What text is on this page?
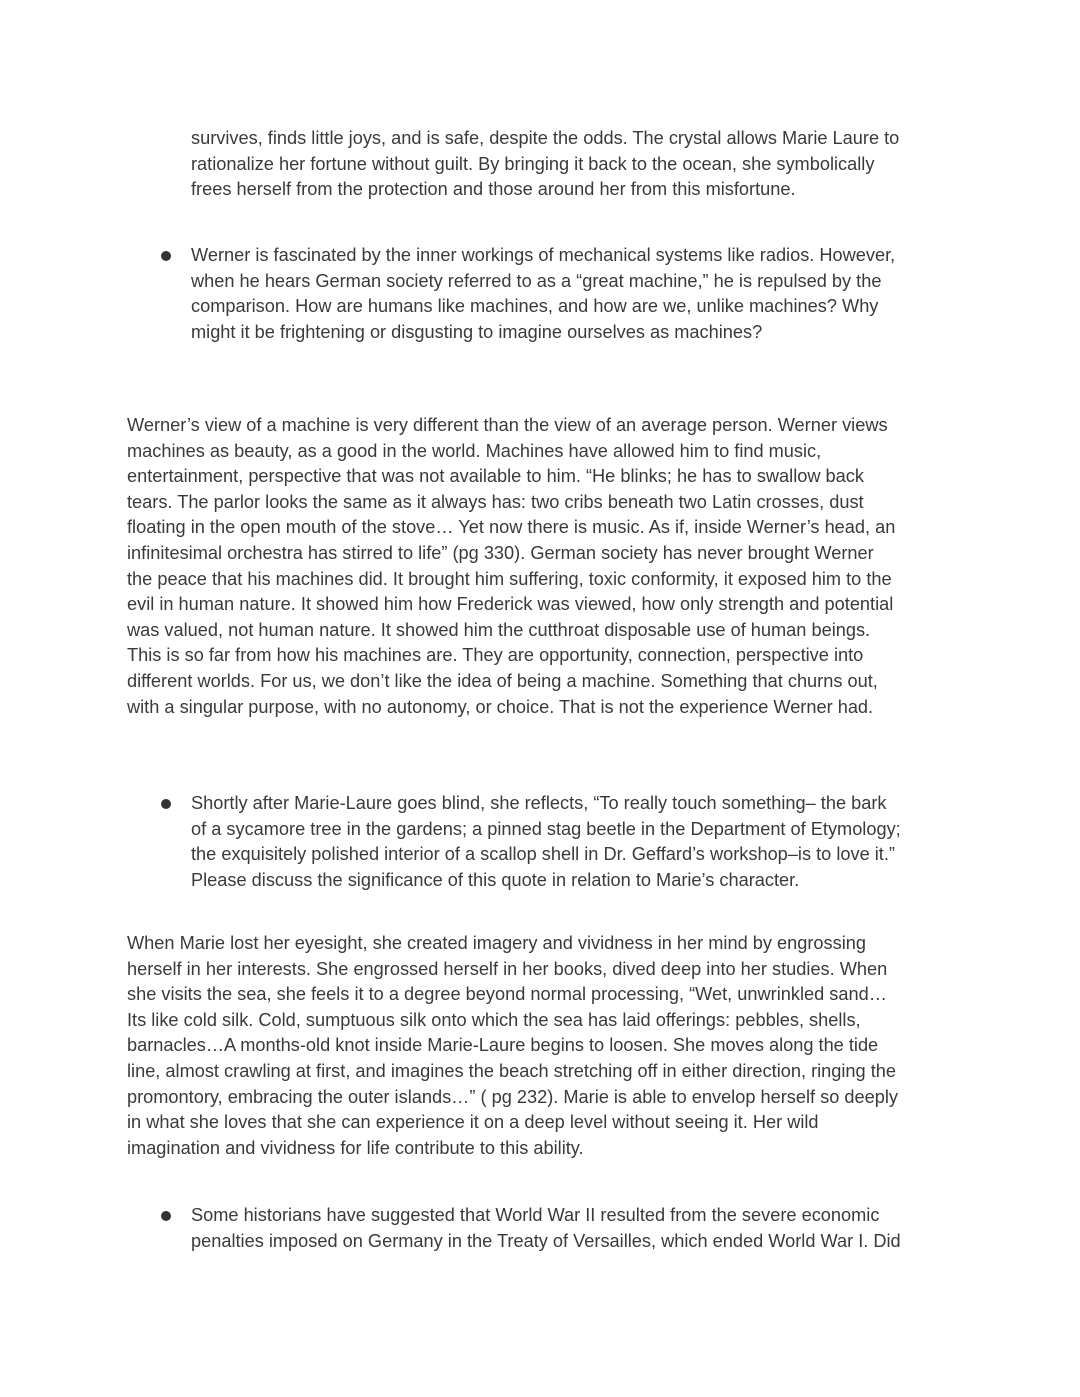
survives, finds little joys, and is safe, despite the odds. The crystal allows Marie Laure to
rationalize her fortune without guilt. By bringing it back to the ocean, she symbolically
frees herself from the protection and those around her from this misfortune.
Werner is fascinated by the inner workings of mechanical systems like radios. However,
when he hears German society referred to as a “great machine,” he is repulsed by the
comparison. How are humans like machines, and how are we, unlike machines? Why
might it be frightening or disgusting to imagine ourselves as machines?
Werner’s view of a machine is very different than the view of an average person. Werner views
machines as beauty, as a good in the world. Machines have allowed him to find music,
entertainment, perspective that was not available to him. “He blinks; he has to swallow back
tears. The parlor looks the same as it always has: two cribs beneath two Latin crosses, dust
floating in the open mouth of the stove… Yet now there is music. As if, inside Werner’s head, an
infinitesimal orchestra has stirred to life” (pg 330). German society has never brought Werner
the peace that his machines did. It brought him suffering, toxic conformity, it exposed him to the
evil in human nature. It showed him how Frederick was viewed, how only strength and potential
was valued, not human nature. It showed him the cutthroat disposable use of human beings.
This is so far from how his machines are. They are opportunity, connection, perspective into
different worlds. For us, we don’t like the idea of being a machine. Something that churns out,
with a singular purpose, with no autonomy, or choice. That is not the experience Werner had.
Shortly after Marie-Laure goes blind, she reflects, “To really touch something– the bark
of a sycamore tree in the gardens; a pinned stag beetle in the Department of Etymology;
the exquisitely polished interior of a scallop shell in Dr. Geffard’s workshop–is to love it.”
Please discuss the significance of this quote in relation to Marie’s character.
When Marie lost her eyesight, she created imagery and vividness in her mind by engrossing
herself in her interests. She engrossed herself in her books, dived deep into her studies. When
she visits the sea, she feels it to a degree beyond normal processing, “Wet, unwrinkled sand…
Its like cold silk. Cold, sumptuous silk onto which the sea has laid offerings: pebbles, shells,
barnacles…A months-old knot inside Marie-Laure begins to loosen. She moves along the tide
line, almost crawling at first, and imagines the beach stretching off in either direction, ringing the
promontory, embracing the outer islands…” ( pg 232). Marie is able to envelop herself so deeply
in what she loves that she can experience it on a deep level without seeing it. Her wild
imagination and vividness for life contribute to this ability.
Some historians have suggested that World War II resulted from the severe economic
penalties imposed on Germany in the Treaty of Versailles, which ended World War I. Did
